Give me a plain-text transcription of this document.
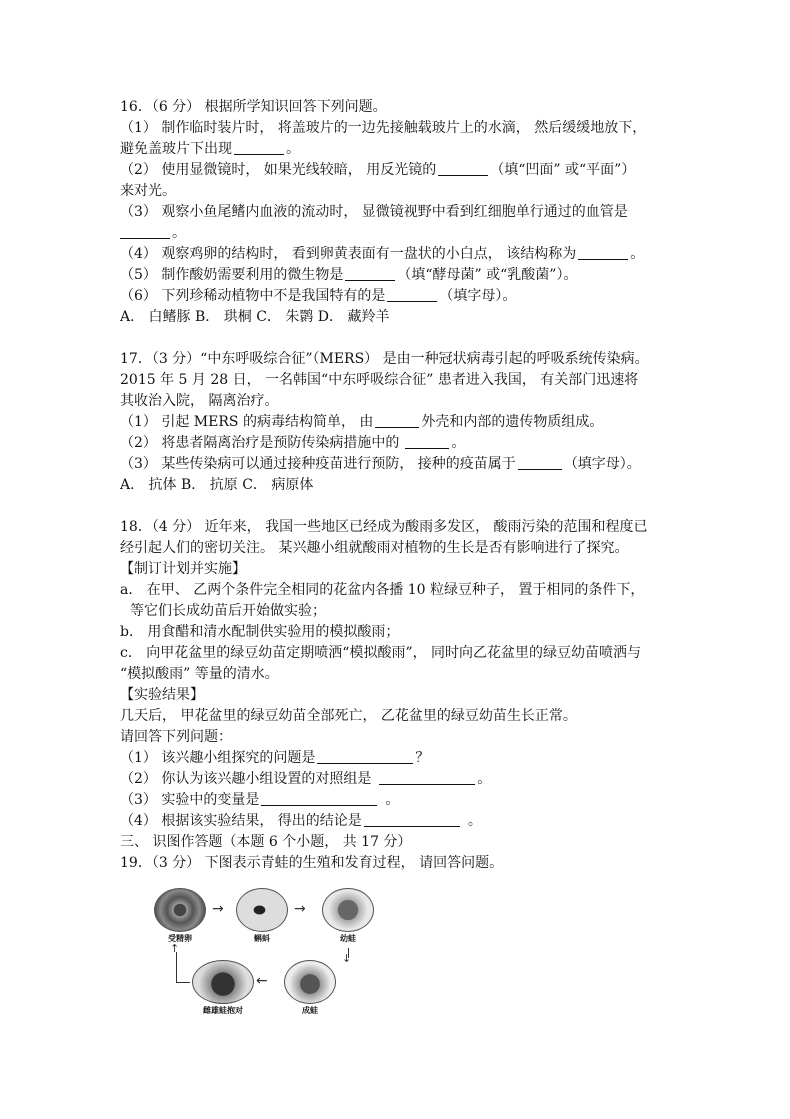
16．（6 分） 根据所学知识回答下列问题。
（1） 制作临时装片时， 将盖玻片的一边先接触载玻片上的水滴， 然后缓缓地放下，
避免盖玻片下出现	。
（2） 使用显微镜时， 如果光线较暗， 用反光镜的	（填“凹面” 或“平面”）
来对光。
（3） 观察小鱼尾鳍内血液的流动时， 显微镜视野中看到红细胞单行通过的血管是
。
（4） 观察鸡卵的结构时， 看到卵黄表面有一盘状的小白点， 该结构称为	。
（5） 制作酸奶需要利用的微生物是	（填“酵母菌” 或“乳酸菌”）。
（6） 下列珍稀动植物中不是我国特有的是	（填字母）。
A． 白鳍豚 B． 珙桐 C． 朱鹮 D． 藏羚羊
17．（3 分）“中东呼吸综合征”（MERS） 是由一种冠状病毒引起的呼吸系统传染病。
2015 年 5 月 28 日， 一名韩国“中东呼吸综合征” 患者进入我国， 有关部门迅速将
其收治入院， 隔离治疗。
（1） 引起 MERS 的病毒结构简单， 由	外壳和内部的遗传物质组成。
（2） 将患者隔离治疗是预防传染病措施中的	。
（3） 某些传染病可以通过接种疫苗进行预防， 接种的疫苗属于	（填字母）。
A． 抗体 B． 抗原 C． 病原体
18．（4 分） 近年来， 我国一些地区已经成为酸雨多发区， 酸雨污染的范围和程度已
经引起人们的密切关注。 某兴趣小组就酸雨对植物的生长是否有影响进行了探究。
【制订计划并实施】
a． 在甲、 乙两个条件完全相同的花盆内各播 10 粒绿豆种子， 置于相同的条件下，
等它们长成幼苗后开始做实验；
b． 用食醋和清水配制供实验用的模拟酸雨；
c． 向甲花盆里的绿豆幼苗定期喷洒“模拟酸雨”， 同时向乙花盆里的绿豆幼苗喷洒与
“模拟酸雨” 等量的清水。
【实验结果】
几天后， 甲花盆里的绿豆幼苗全部死亡， 乙花盆里的绿豆幼苗生长正常。
请回答下列问题：
（1） 该兴趣小组探究的问题是	？
（2） 你认为该兴趣小组设置的对照组是	。
（3） 实验中的变量是	。
（4） 根据该实验结果， 得出的结论是	。
三、 识图作答题（本题 6 个小题， 共 17 分）
19．（3 分） 下图表示青蛙的生殖和发育过程， 请回答问题。
受精卵
→
蝌蚪
→
幼蛙
↓
成蛙
←
雌雄蛙抱对
↑
